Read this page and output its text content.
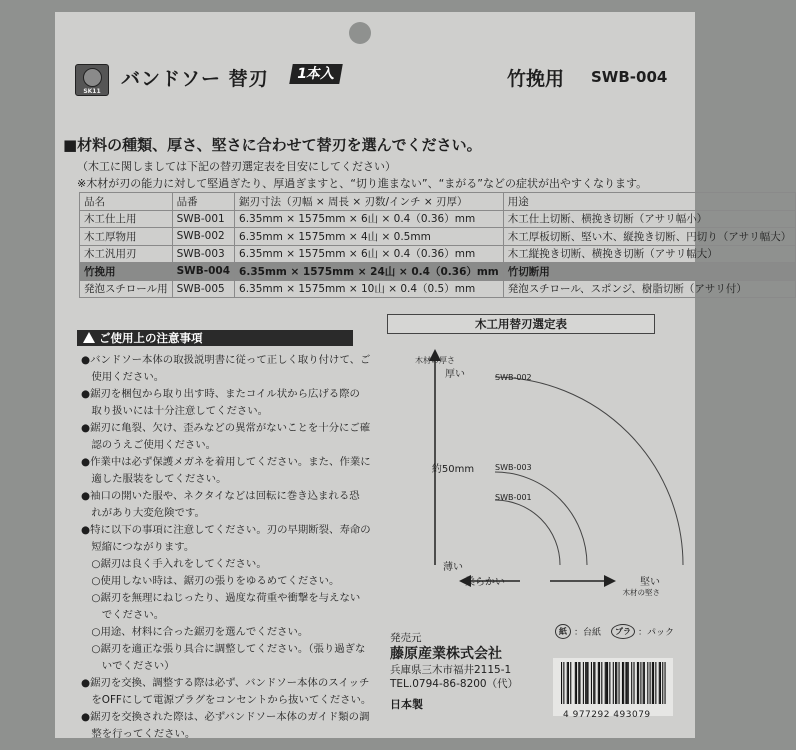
SK11
バンドソー 替刃	1本入	竹挽用 SWB-004
■材料の種類、厚さ、堅さに合わせて替刃を選んでください。
（木工に関しましては下記の替刃選定表を目安にしてください）
※木材が刃の能力に対して堅過ぎたり、厚過ぎますと、“切り進まない”、“まがる”などの症状が出やすくなります。
品名	品番	鋸刃寸法（刃幅 × 周長 × 刃数/インチ × 刃厚）	用途
木工仕上用	SWB-001	6.35mm × 1575mm × 6山 × 0.4（0.36）mm	木工仕上切断、横挽き切断（アサリ幅小）
木工厚物用	SWB-002	6.35mm × 1575mm × 4山 × 0.5mm	木工厚板切断、堅い木、縦挽き切断、円切り（アサリ幅大）
木工汎用刃	SWB-003	6.35mm × 1575mm × 6山 × 0.4（0.36）mm	木工縦挽き切断、横挽き切断（アサリ幅大）
竹挽用	SWB-004	6.35mm × 1575mm × 24山 × 0.4（0.36）mm	竹切断用
発泡スチロール用	SWB-005	6.35mm × 1575mm × 10山 × 0.4（0.5）mm	発泡スチロール、スポンジ、樹脂切断（アサリ付）
ご使用上の注意事項
●バンドソー本体の取扱説明書に従って正しく取り付けて、ご
　使用ください。
●鋸刃を梱包から取り出す時、またコイル状から広げる際の
　取り扱いには十分注意してください。
●鋸刃に亀裂、欠け、歪みなどの異常がないことを十分にご確
　認のうえご使用ください。
●作業中は必ず保護メガネを着用してください。また、作業に
　適した服装をしてください。
●袖口の開いた服や、ネクタイなどは回転に巻き込まれる恐
　れがあり大変危険です。
●特に以下の事項に注意してください。刃の早期断裂、寿命の
　短縮につながります。
　○鋸刃は良く手入れをしてください。
　○使用しない時は、鋸刃の張りをゆるめてください。
　○鋸刃を無理にねじったり、過度な荷重や衝撃を与えない
　　でください。
　○用途、材料に合った鋸刃を選んでください。
　○鋸刃を適正な張り具合に調整してください。（張り過ぎな
　　いでください）
●鋸刃を交換、調整する際は必ず、バンドソー本体のスイッチ
　をOFFにして電源プラグをコンセントから抜いてください。
●鋸刃を交換された際は、必ずバンドソー本体のガイド類の調
　整を行ってください。
木工用替刃選定表
木材の厚さ
厚い
約50mm
薄い
SWB-002
SWB-003
SWB-001
柔らかい	堅い
木材の堅さ
発売元
藤原産業株式会社
兵庫県三木市福井2115-1
TEL.0794-86-8200（代）
日本製
紙 ：台紙	プラ ：パック
4 977292 493079
